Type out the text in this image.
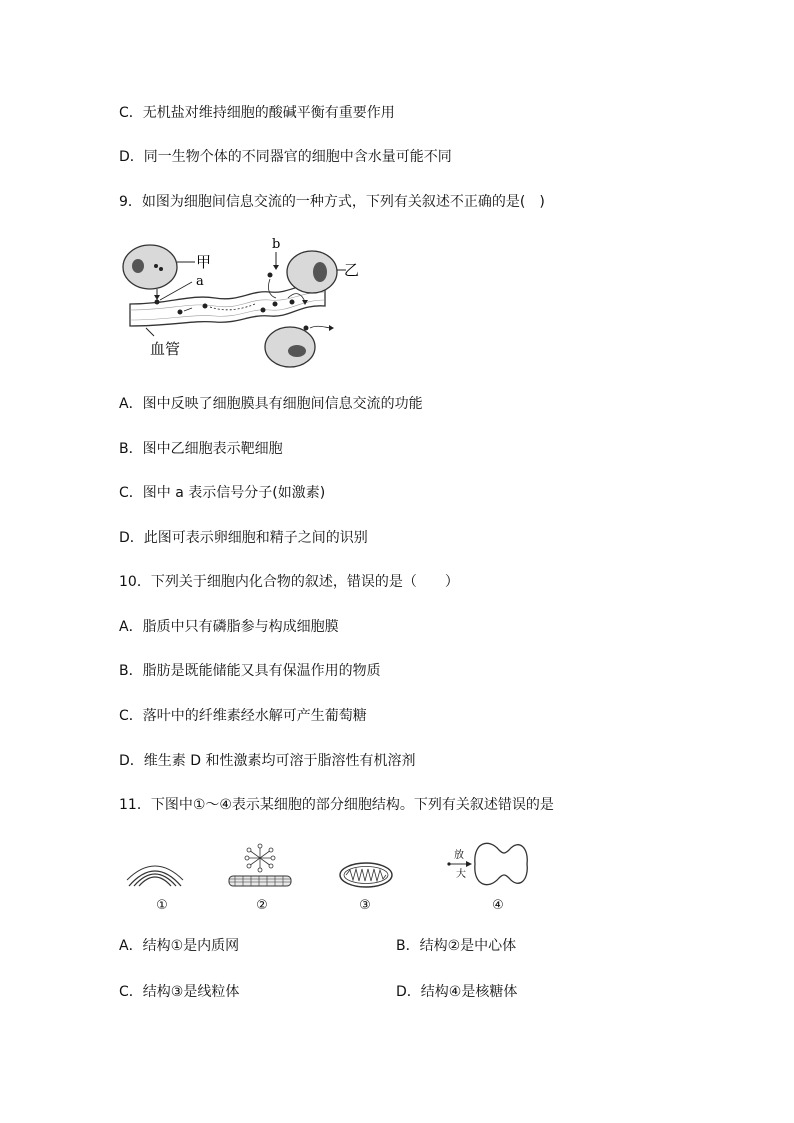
C．无机盐对维持细胞的酸碱平衡有重要作用
D．同一生物个体的不同器官的细胞中含水量可能不同
9．如图为细胞间信息交流的一种方式，下列有关叙述不正确的是(　)
甲
a
b
乙
血管
A．图中反映了细胞膜具有细胞间信息交流的功能
B．图中乙细胞表示靶细胞
C．图中 a 表示信号分子(如激素)
D．此图可表示卵细胞和精子之间的识别
10．下列关于细胞内化合物的叙述，错误的是（　　）
A．脂质中只有磷脂参与构成细胞膜
B．脂肪是既能储能又具有保温作用的物质
C．落叶中的纤维素经水解可产生葡萄糖
D．维生素 D 和性激素均可溶于脂溶性有机溶剂
11．下图中①～④表示某细胞的部分细胞结构。下列有关叙述错误的是
①	②	③
放
大
④
A．结构①是内质网	B．结构②是中心体
C．结构③是线粒体	D．结构④是核糖体
